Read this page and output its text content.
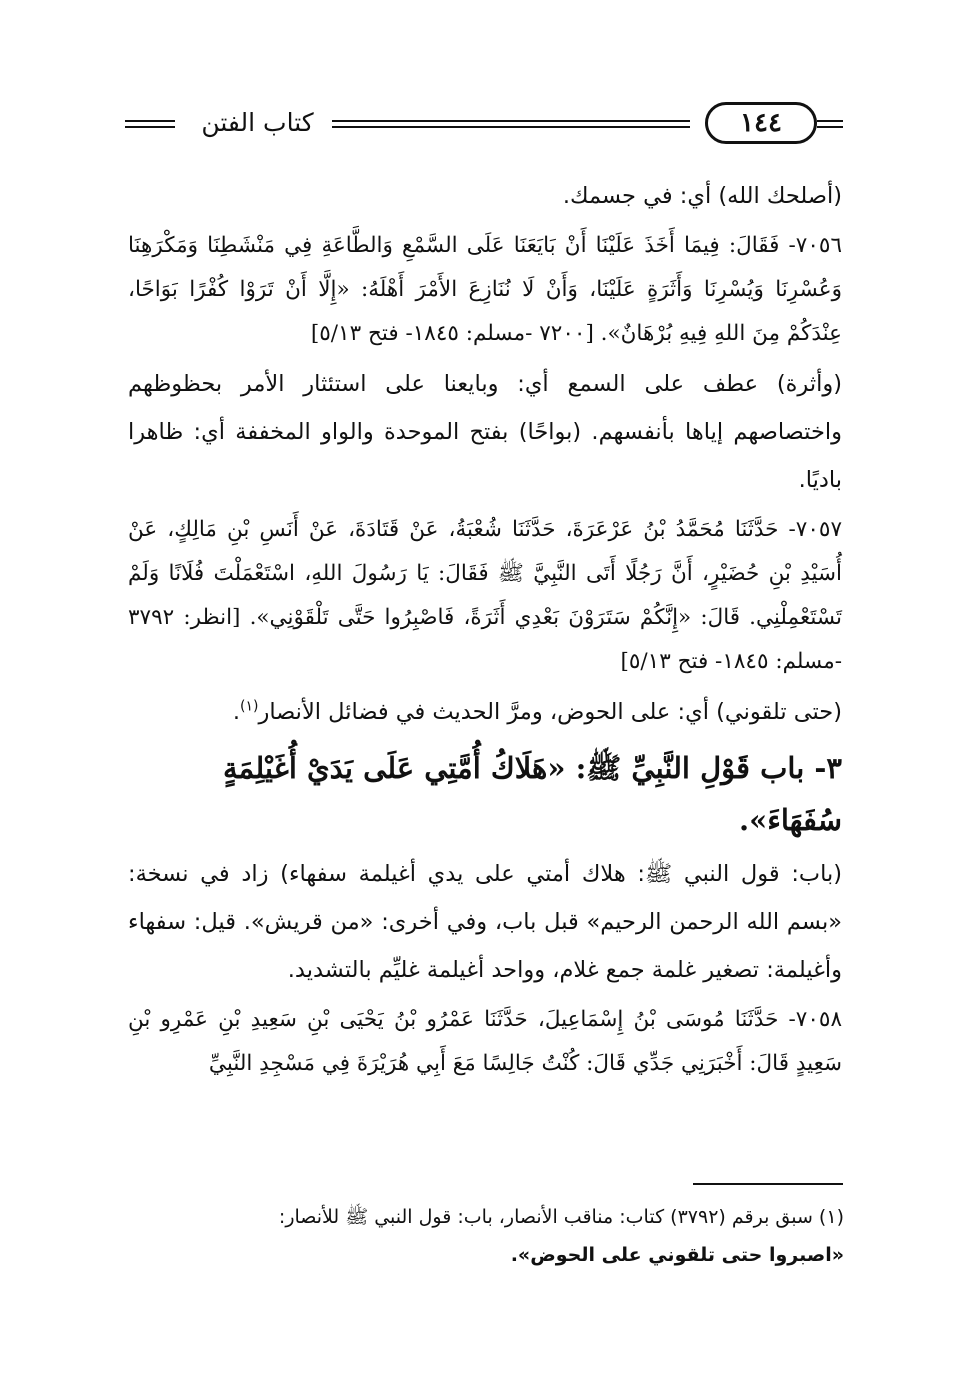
كتاب الفتن	١٤٤

(أصلحك الله) أي: في جسمك.

٧٠٥٦- فَقَالَ: فِيمَا أَخَذَ عَلَيْنَا أَنْ بَايَعَنَا عَلَى السَّمْعِ وَالطَّاعَةِ فِي مَنْشَطِنَا وَمَكْرَهِنَا وَعُسْرِنَا وَيُسْرِنَا وَأَثَرَةٍ عَلَيْنَا، وَأَنْ لَا نُنَازِعَ الأَمْرَ أَهْلَهُ: «إِلَّا أَنْ تَرَوْا كُفْرًا بَوَاحًا، عِنْدَكُمْ مِنَ اللهِ فِيهِ بُرْهَانٌ». [٧٢٠٠ -مسلم: ١٨٤٥- فتح ٥/١٣]

(وأثرة) عطف على السمع أي: وبايعنا على استئثار الأمر بحظوظهم واختصاصهم إياها بأنفسهم. (بواحًا) بفتح الموحدة والواو المخففة أي: ظاهرا باديًا.

٧٠٥٧- حَدَّثَنَا مُحَمَّدُ بْنُ عَرْعَرَةَ، حَدَّثَنَا شُعْبَةُ، عَنْ قَتَادَةَ، عَنْ أَنَسِ بْنِ مَالِكٍ، عَنْ أُسَيْدِ بْنِ حُضَيْرٍ، أَنَّ رَجُلًا أَتَى النَّبِيَّ ﷺ فَقَالَ: يَا رَسُولَ اللهِ، اسْتَعْمَلْتَ فُلَانًا وَلَمْ تَسْتَعْمِلْنِي. قَالَ: «إِنَّكُمْ سَتَرَوْنَ بَعْدِي أَثَرَةً، فَاصْبِرُوا حَتَّى تَلْقَوْنِي». [انظر: ٣٧٩٢ -مسلم: ١٨٤٥- فتح ٥/١٣]

(حتى تلقوني) أي: على الحوض، ومرَّ الحديث في فضائل الأنصار$^{(١)}$.

٣- باب قَوْلِ النَّبِيِّ ﷺ: «هَلَاكُ أُمَّتِي عَلَى يَدَيْ أُغَيْلِمَةٍ سُفَهَاءَ».

(باب: قول النبي ﷺ: هلاك أمتي على يدي أغيلمة سفهاء) زاد في نسخة: «بسم الله الرحمن الرحيم» قبل باب، وفي أخرى: «من قريش». قيل: سفهاء وأغيلمة: تصغير غلمة جمع غلام، وواحد أغيلمة غليِّم بالتشديد.

٧٠٥٨- حَدَّثَنَا مُوسَى بْنُ إِسْمَاعِيلَ، حَدَّثَنَا عَمْرُو بْنُ يَحْيَى بْنِ سَعِيدِ بْنِ عَمْرِو بْنِ سَعِيدٍ قَالَ: أَخْبَرَنِي جَدِّي قَالَ: كُنْتُ جَالِسًا مَعَ أَبِي هُرَيْرَةَ فِي مَسْجِدِ النَّبِيِّ

(١) سبق برقم (٣٧٩٢) كتاب: مناقب الأنصار، باب: قول النبي ﷺ للأنصار:

«اصبروا حتى تلقوني على الحوض».
